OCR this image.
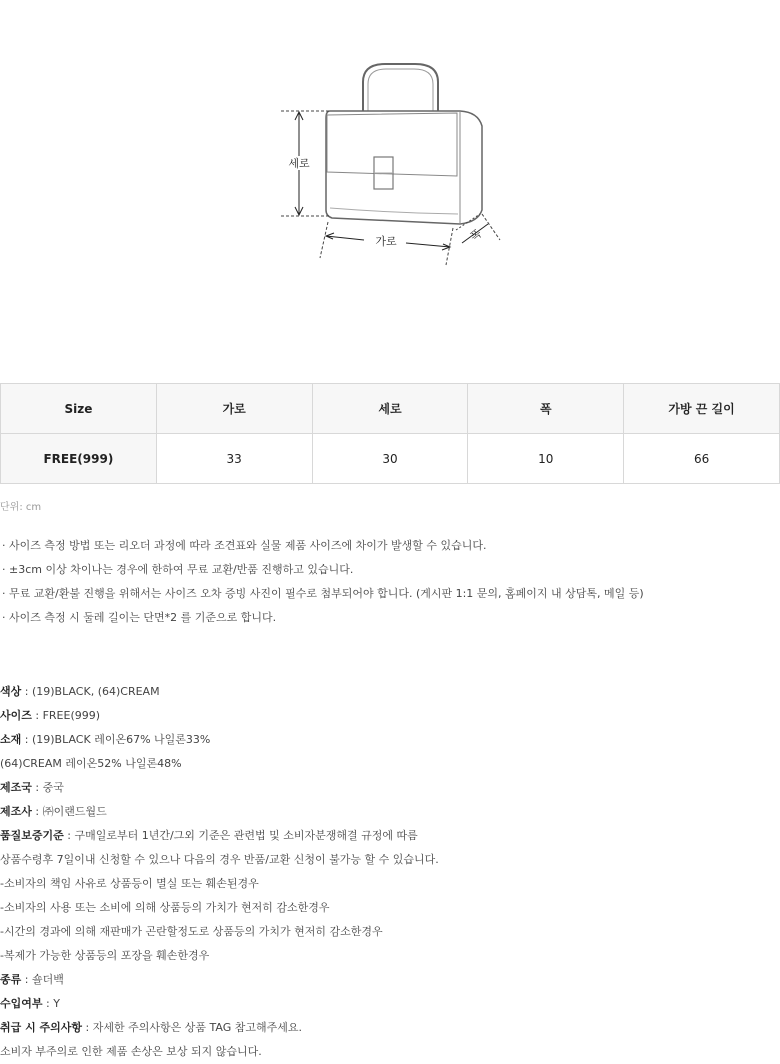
세로
가로	폭
Size	가로	세로	폭	가방 끈 길이
FREE(999)	33	30	10	66
단위: cm
· 사이즈 측정 방법 또는 리오더 과정에 따라 조견표와 실물 제품 사이즈에 차이가 발생할 수 있습니다.
· ±3cm 이상 차이나는 경우에 한하여 무료 교환/반품 진행하고 있습니다.
· 무료 교환/환불 진행을 위해서는 사이즈 오차 증빙 사진이 필수로 첨부되어야 합니다. (게시판 1:1 문의, 홈페이지 내 상담톡, 메일 등)
· 사이즈 측정 시 둘레 길이는 단면*2 를 기준으로 합니다.
색상 : (19)BLACK, (64)CREAM
사이즈 : FREE(999)
소재 : (19)BLACK 레이온67% 나일론33%
(64)CREAM 레이온52% 나일론48%
제조국 : 중국
제조사 : ㈜이랜드월드
품질보증기준 : 구매일로부터 1년간/그외 기준은 관련법 및 소비자분쟁해결 규정에 따름
상품수령후 7일이내 신청할 수 있으나 다음의 경우 반품/교환 신청이 불가능 할 수 있습니다.
-소비자의 책임 사유로 상품등이 멸실 또는 훼손된경우
-소비자의 사용 또는 소비에 의해 상품등의 가치가 현저히 감소한경우
-시간의 경과에 의해 재판매가 곤란할정도로 상품등의 가치가 현저히 감소한경우
-복제가 가능한 상품등의 포장을 훼손한경우
종류 : 숄더백
수입여부 : Y
취급 시 주의사항 : 자세한 주의사항은 상품 TAG 참고해주세요.
소비자 부주의로 인한 제품 손상은 보상 되지 않습니다.
